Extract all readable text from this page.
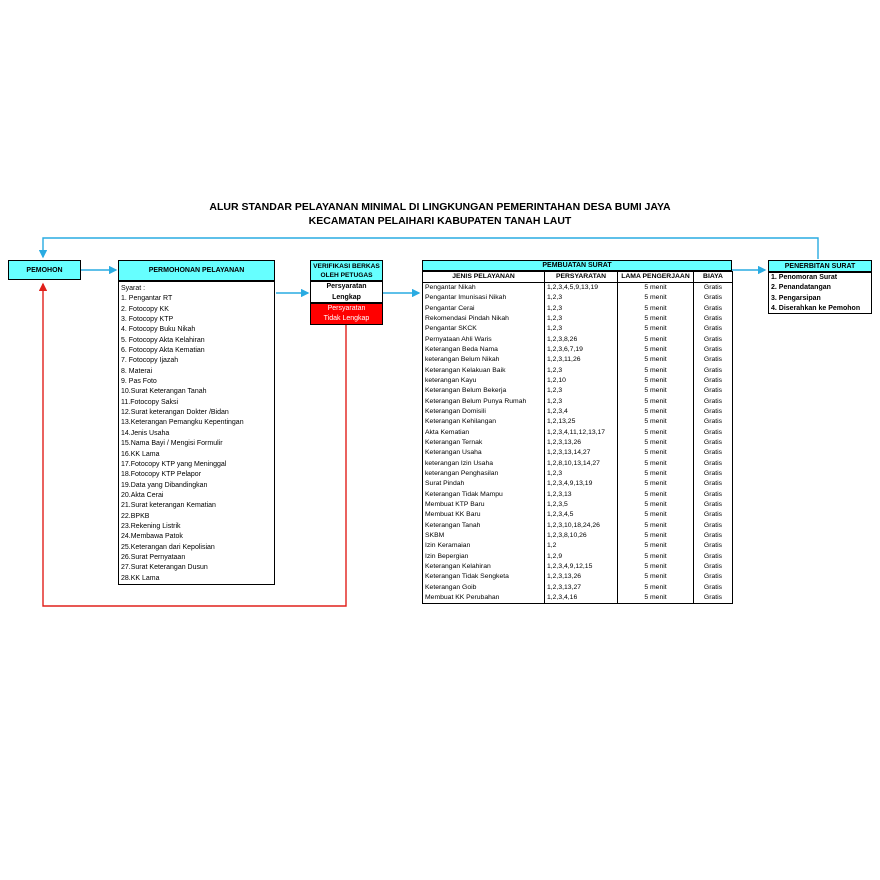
ALUR STANDAR PELAYANAN MINIMAL DI LINGKUNGAN PEMERINTAHAN DESA BUMI JAYA
KECAMATAN PELAIHARI KABUPATEN TANAH LAUT
PEMOHON	PERMOHONAN PELAYANAN
Syarat :
1. Pengantar RT
2. Fotocopy KK
3. Fotocopy KTP
4. Fotocopy Buku Nikah
5. Fotocopy Akta Kelahiran
6. Fotocopy Akta Kematian
7. Fotocopy Ijazah
8. Materai
9. Pas Foto
10.Surat Keterangan Tanah
11.Fotocopy Saksi
12.Surat keterangan Dokter /Bidan
13.Keterangan Pemangku Kepentingan
14.Jenis Usaha
15.Nama Bayi / Mengisi Formulir
16.KK Lama
17.Fotocopy KTP yang Meninggal
18.Fotocopy KTP Pelapor
19.Data yang Dibandingkan
20.Akta Cerai
21.Surat keterangan Kematian
22.BPKB
23.Rekening Listrik
24.Membawa Patok
25.Keterangan dari Kepolisian
26.Surat Pernyataan
27.Surat Keterangan Dusun
28.KK Lama
VERIFIKASI BERKAS
OLEH PETUGAS
Persyaratan
Lengkap
Persyaratan
Tidak Lengkap
PEMBUATAN SURAT
JENIS PELAYANAN	PERSYARATAN	LAMA PENGERJAAN	BIAYA
Pengantar Nikah	1,2,3,4,5,9,13,19	5 menit	Gratis
Pengantar Imunisasi Nikah	1,2,3	5 menit	Gratis
Pengantar Cerai	1,2,3	5 menit	Gratis
Rekomendasi Pindah Nikah	1,2,3	5 menit	Gratis
Pengantar SKCK	1,2,3	5 menit	Gratis
Pernyataan Ahli Waris	1,2,3,8,26	5 menit	Gratis
Keterangan Beda Nama	1,2,3,6,7,19	5 menit	Gratis
keterangan Belum Nikah	1,2,3,11,26	5 menit	Gratis
Keterangan Kelakuan Baik	1,2,3	5 menit	Gratis
keterangan Kayu	1,2,10	5 menit	Gratis
Keterangan Belum Bekerja	1,2,3	5 menit	Gratis
Keterangan Belum Punya Rumah	1,2,3	5 menit	Gratis
Keterangan Domisili	1,2,3,4	5 menit	Gratis
Keterangan Kehilangan	1,2,13,25	5 menit	Gratis
Akta Kematian	1,2,3,4,11,12,13,17	5 menit	Gratis
Keterangan Ternak	1,2,3,13,26	5 menit	Gratis
Keterangan Usaha	1,2,3,13,14,27	5 menit	Gratis
keterangan Izin Usaha	1,2,8,10,13,14,27	5 menit	Gratis
keterangan Penghasilan	1,2,3	5 menit	Gratis
Surat Pindah	1,2,3,4,9,13,19	5 menit	Gratis
Keterangan Tidak Mampu	1,2,3,13	5 menit	Gratis
Membuat KTP Baru	1,2,3,5	5 menit	Gratis
Membuat KK Baru	1,2,3,4,5	5 menit	Gratis
Keterangan Tanah	1,2,3,10,18,24,26	5 menit	Gratis
SKBM	1,2,3,8,10,26	5 menit	Gratis
Izin Keramaian	1,2	5 menit	Gratis
Izin Bepergian	1,2,9	5 menit	Gratis
Keterangan Kelahiran	1,2,3,4,9,12,15	5 menit	Gratis
Keterangan Tidak Sengketa	1,2,3,13,26	5 menit	Gratis
Keterangan Goib	1,2,3,13,27	5 menit	Gratis
Membuat KK Perubahan	1,2,3,4,16	5 menit	Gratis
PENERBITAN SURAT
1. Penomoran Surat
2. Penandatangan
3. Pengarsipan
4. Diserahkan ke Pemohon
